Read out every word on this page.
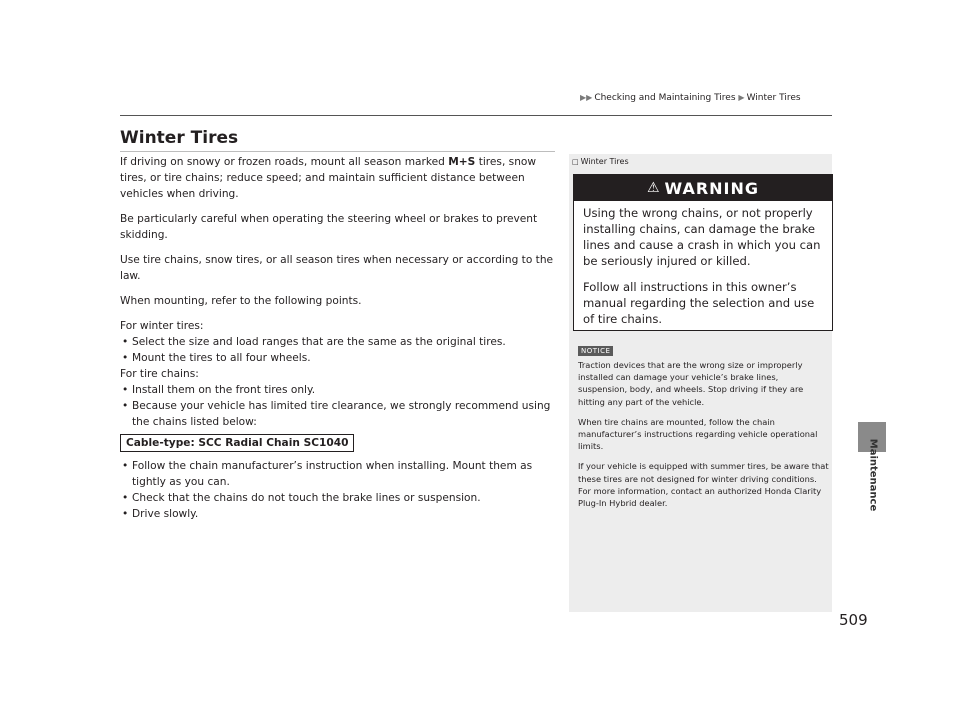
▶▶ Checking and Maintaining Tires ▶ Winter Tires
Maintenance
509
Winter Tires

If driving on snowy or frozen roads, mount all season marked M+S tires, snow tires, or tire chains; reduce speed; and maintain sufficient distance between vehicles when driving.

Be particularly careful when operating the steering wheel or brakes to prevent skidding.

Use tire chains, snow tires, or all season tires when necessary or according to the law.

When mounting, refer to the following points.

For winter tires:

• Select the size and load ranges that are the same as the original tires.
• Mount the tires to all four wheels.

For tire chains:

• Install them on the front tires only.
• Because your vehicle has limited tire clearance, we strongly recommend using the chains listed below:
Cable-type: SCC Radial Chain SC1040
• Follow the chain manufacturer’s instruction when installing. Mount them as tightly as you can.
• Check that the chains do not touch the brake lines or suspension.
• Drive slowly.
□ Winter Tires
⚠ WARNING

Using the wrong chains, or not properly installing chains, can damage the brake lines and cause a crash in which you can be seriously injured or killed.

Follow all instructions in this owner’s manual regarding the selection and use of tire chains.

NOTICE

Traction devices that are the wrong size or improperly installed can damage your vehicle’s brake lines, suspension, body, and wheels. Stop driving if they are hitting any part of the vehicle.

When tire chains are mounted, follow the chain manufacturer’s instructions regarding vehicle operational limits.

If your vehicle is equipped with summer tires, be aware that these tires are not designed for winter driving conditions. For more information, contact an authorized Honda Clarity Plug-In Hybrid dealer.
